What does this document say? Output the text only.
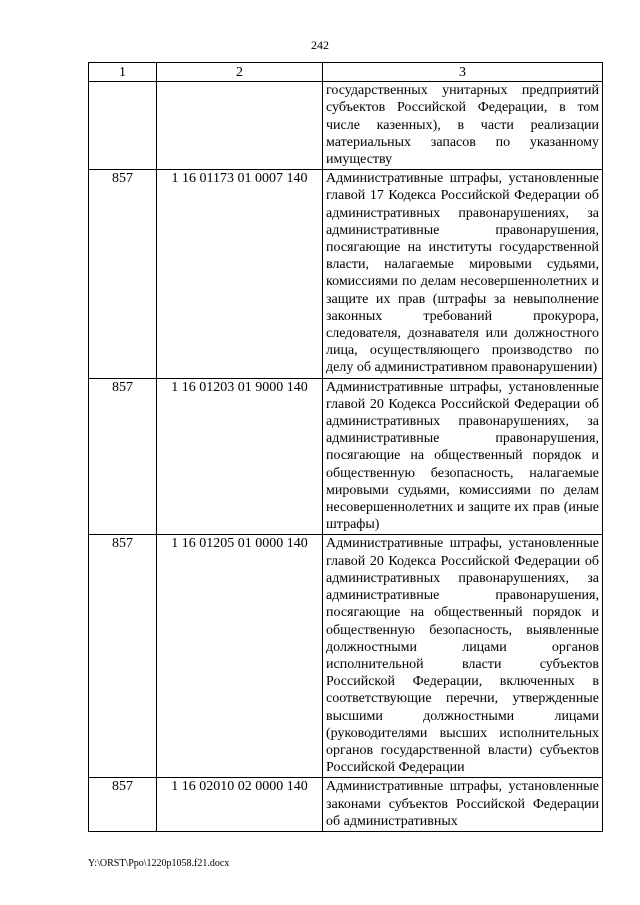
242
1	2	3
		государственных унитарных предприятий субъектов Российской Федерации, в том числе казенных), в части реализации материальных запасов по указанному имуществу
857	1 16 01173 01 0007 140	Административные штрафы, установленные главой 17 Кодекса Российской Федерации об административных правонарушениях, за административные правонарушения, посягающие на институты государственной власти, налагаемые мировыми судьями, комиссиями по делам несовершеннолетних и защите их прав (штрафы за невыполнение законных требований прокурора, следователя, дознавателя или должностного лица, осуществляющего производство по делу об административном правонарушении)
857	1 16 01203 01 9000 140	Административные штрафы, установленные главой 20 Кодекса Российской Федерации об административных правонарушениях, за административные правонарушения, посягающие на общественный порядок и общественную безопасность, налагаемые мировыми судьями, комиссиями по делам несовершеннолетних и защите их прав (иные штрафы)
857	1 16 01205 01 0000 140	Административные штрафы, установленные главой 20 Кодекса Российской Федерации об административных правонарушениях, за административные правонарушения, посягающие на общественный порядок и общественную безопасность, выявленные должностными лицами органов исполнительной власти субъектов Российской Федерации, включенных в соответствующие перечни, утвержденные высшими должностными лицами (руководителями высших исполнительных органов государственной власти) субъектов Российской Федерации
857	1 16 02010 02 0000 140	Административные штрафы, установленные законами субъектов Российской Федерации об административных
Y:\ORST\Ppo\1220p1058.f21.docx
